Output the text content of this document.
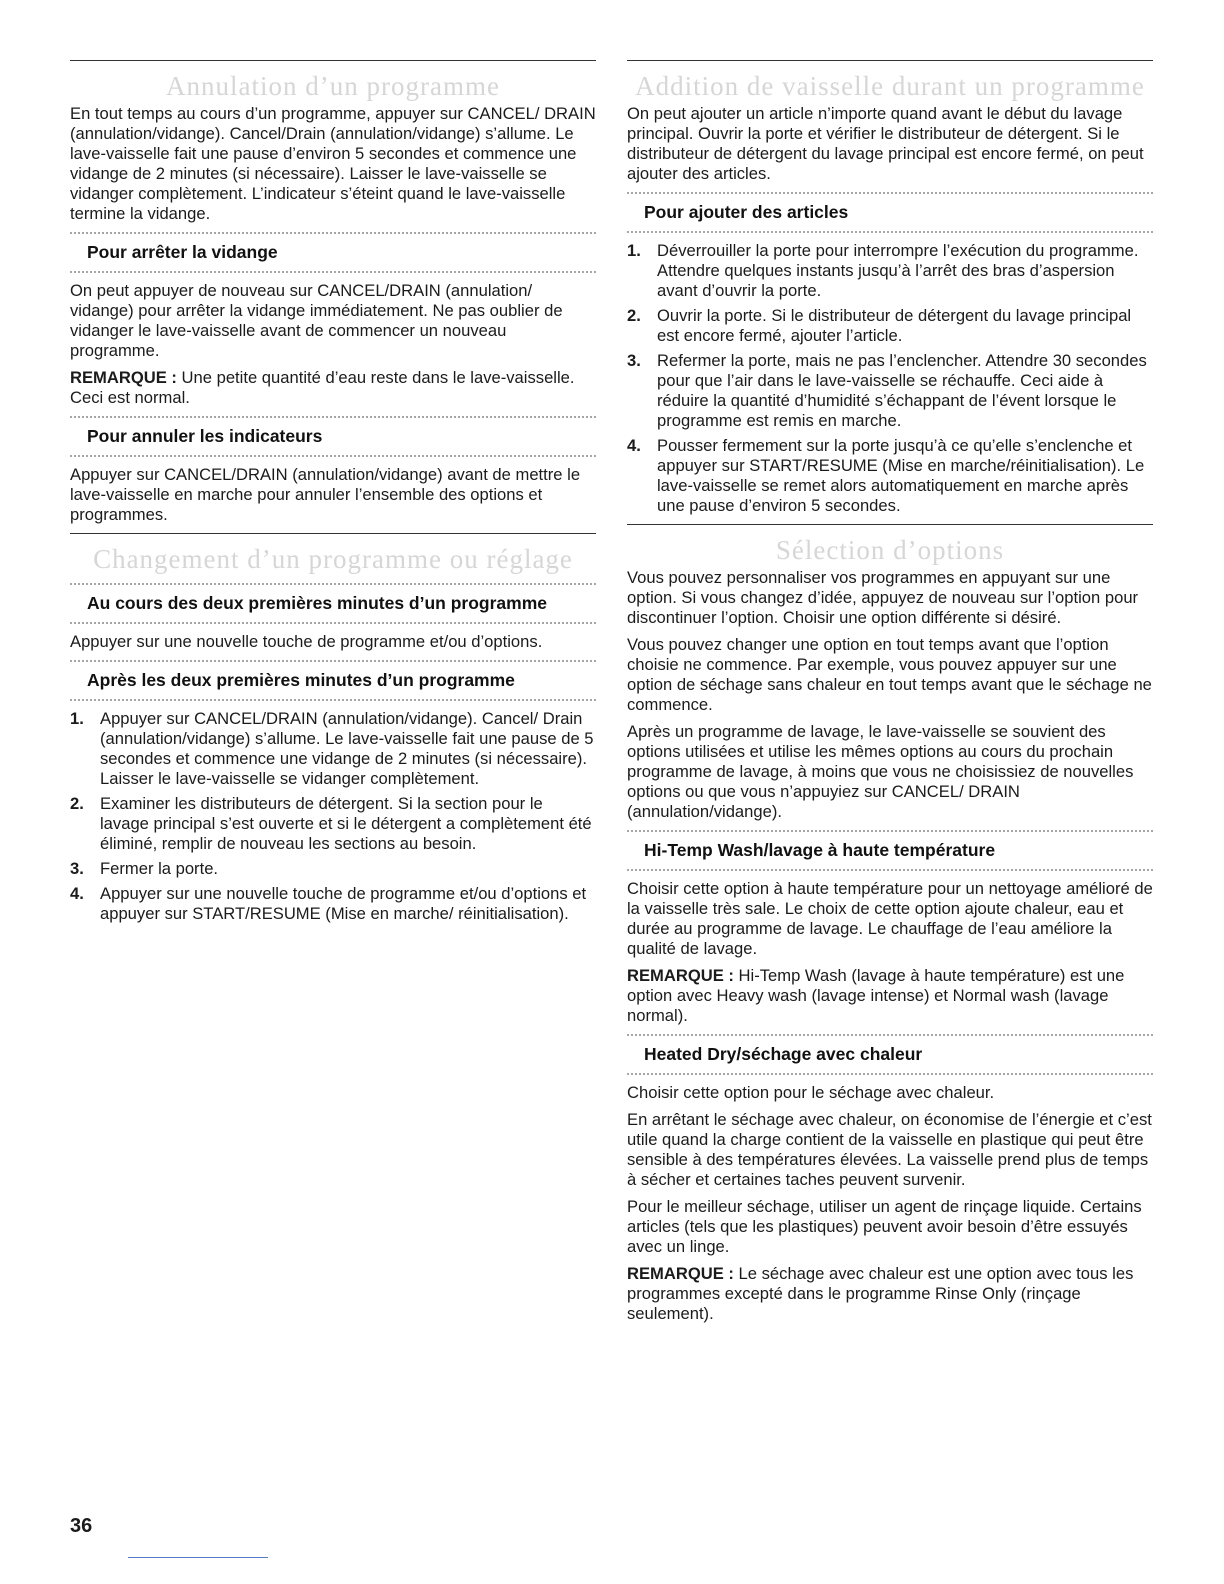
Annulation d’un programme

En tout temps au cours d’un programme, appuyer sur CANCEL/ DRAIN (annulation/vidange). Cancel/Drain (annulation/vidange) s’allume. Le lave-vaisselle fait une pause d’environ 5 secondes et commence une vidange de 2 minutes (si nécessaire). Laisser le lave-vaisselle se vidanger complètement. L’indicateur s’éteint quand le lave-vaisselle termine la vidange.

Pour arrêter la vidange

On peut appuyer de nouveau sur CANCEL/DRAIN (annulation/ vidange) pour arrêter la vidange immédiatement. Ne pas oublier de vidanger le lave-vaisselle avant de commencer un nouveau programme.

REMARQUE : Une petite quantité d’eau reste dans le lave-vaisselle. Ceci est normal.

Pour annuler les indicateurs

Appuyer sur CANCEL/DRAIN (annulation/vidange) avant de mettre le lave-vaisselle en marche pour annuler l’ensemble des options et programmes.

Changement d’un programme ou réglage
Au cours des deux premières minutes d’un programme

Appuyer sur une nouvelle touche de programme et/ou d’options.

Après les deux premières minutes d’un programme
1. Appuyer sur CANCEL/DRAIN (annulation/vidange). Cancel/ Drain (annulation/vidange) s’allume. Le lave-vaisselle fait une pause de 5 secondes et commence une vidange de 2 minutes (si nécessaire). Laisser le lave-vaisselle se vidanger complètement.
2. Examiner les distributeurs de détergent. Si la section pour le lavage principal s’est ouverte et si le détergent a complètement été éliminé, remplir de nouveau les sections au besoin.
3. Fermer la porte.
4. Appuyer sur une nouvelle touche de programme et/ou d’options et appuyer sur START/RESUME (Mise en marche/ réinitialisation).
Addition de vaisselle durant un programme

On peut ajouter un article n’importe quand avant le début du lavage principal. Ouvrir la porte et vérifier le distributeur de détergent. Si le distributeur de détergent du lavage principal est encore fermé, on peut ajouter des articles.

Pour ajouter des articles
1. Déverrouiller la porte pour interrompre l’exécution du programme. Attendre quelques instants jusqu’à l’arrêt des bras d’aspersion avant d’ouvrir la porte.
2. Ouvrir la porte. Si le distributeur de détergent du lavage principal est encore fermé, ajouter l’article.
3. Refermer la porte, mais ne pas l’enclencher. Attendre 30 secondes pour que l’air dans le lave-vaisselle se réchauffe. Ceci aide à réduire la quantité d’humidité s’échappant de l’évent lorsque le programme est remis en marche.
4. Pousser fermement sur la porte jusqu’à ce qu’elle s’enclenche et appuyer sur START/RESUME (Mise en marche/réinitialisation). Le lave-vaisselle se remet alors automatiquement en marche après une pause d’environ 5 secondes.
Sélection d’options

Vous pouvez personnaliser vos programmes en appuyant sur une option. Si vous changez d’idée, appuyez de nouveau sur l’option pour discontinuer l’option. Choisir une option différente si désiré.

Vous pouvez changer une option en tout temps avant que l’option choisie ne commence. Par exemple, vous pouvez appuyer sur une option de séchage sans chaleur en tout temps avant que le séchage ne commence.

Après un programme de lavage, le lave-vaisselle se souvient des options utilisées et utilise les mêmes options au cours du prochain programme de lavage, à moins que vous ne choisissiez de nouvelles options ou que vous n’appuyiez sur CANCEL/ DRAIN (annulation/vidange).

Hi-Temp Wash/lavage à haute température

Choisir cette option à haute température pour un nettoyage amélioré de la vaisselle très sale. Le choix de cette option ajoute chaleur, eau et durée au programme de lavage. Le chauffage de l’eau améliore la qualité de lavage.

REMARQUE : Hi-Temp Wash (lavage à haute température) est une option avec Heavy wash (lavage intense) et Normal wash (lavage normal).

Heated Dry/séchage avec chaleur

Choisir cette option pour le séchage avec chaleur.

En arrêtant le séchage avec chaleur, on économise de l’énergie et c’est utile quand la charge contient de la vaisselle en plastique qui peut être sensible à des températures élevées. La vaisselle prend plus de temps à sécher et certaines taches peuvent survenir.

Pour le meilleur séchage, utiliser un agent de rinçage liquide. Certains articles (tels que les plastiques) peuvent avoir besoin d’être essuyés avec un linge.

REMARQUE : Le séchage avec chaleur est une option avec tous les programmes excepté dans le programme Rinse Only (rinçage seulement).

36
